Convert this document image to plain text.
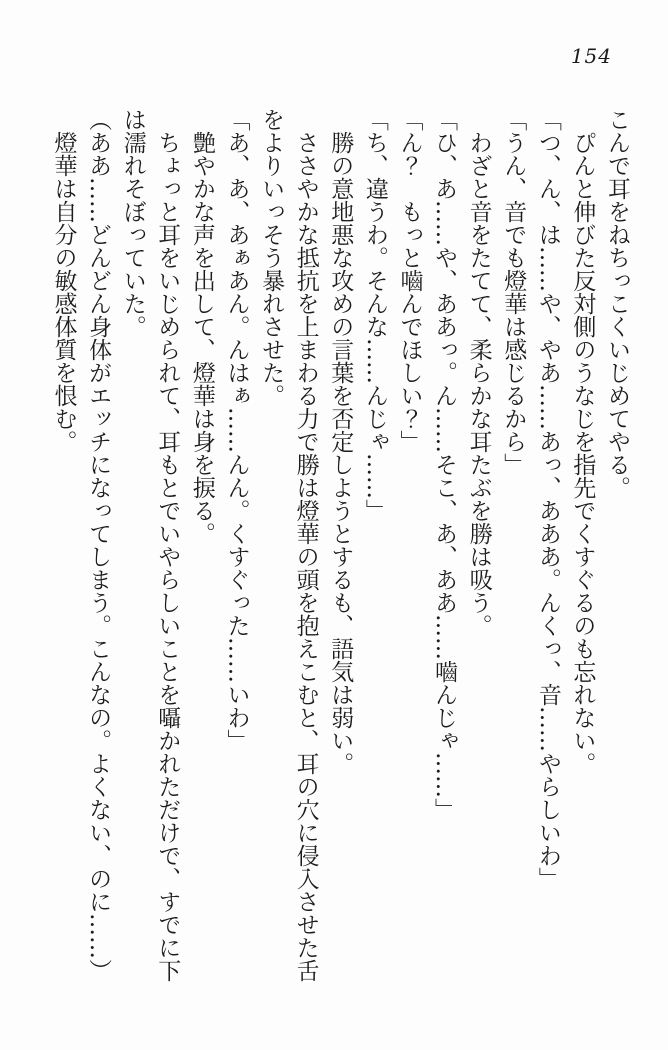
154

こんで耳をねちっこくいじめてやる。

ぴんと伸びた反対側のうなじを指先でくすぐるのも忘れない。

「つ、ん、は……や、やあ……あっ、あああ。んくっ、音……やらしいわ」

「うん、音でも燈華は感じるから」

わざと音をたてて、柔らかな耳たぶを勝は吸う。

「ひ、あ……や、ああっ。ん……そこ、あ、ああ……嚙んじゃ……」

「ん？　もっと嚙んでほしい？」

「ち、違うわ。そんな……んじゃ……」

勝の意地悪な攻めの言葉を否定しようとするも、語気は弱い。

ささやかな抵抗を上まわる力で勝は燈華の頭を抱えこむと、耳の穴に侵入させた舌

をよりいっそう暴れさせた。

「あ、あ、あぁあん。んはぁ……んん。くすぐった……いわ」

艶やかな声を出して、燈華は身を捩る。

ちょっと耳をいじめられて、耳もとでいやらしいことを囁かれただけで、すでに下

は濡れそぼっていた。

（ああ……どんどん身体がエッチになってしまう。こんなの。よくない、のに……）

燈華は自分の敏感体質を恨む。
